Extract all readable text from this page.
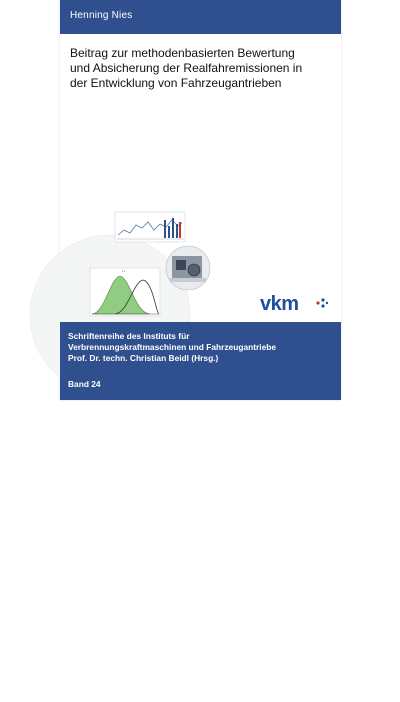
Henning Nies
Beitrag zur methodenbasierten Bewertung
und Absicherung der Realfahremissionen in
der Entwicklung von Fahrzeugantrieben
▪ ▪
vkm
Schriftenreihe des Instituts für
Verbrennungskraftmaschinen und Fahrzeugantriebe
Prof. Dr. techn. Christian Beidl (Hrsg.)
Band 24
SHAKER
VERLAG
